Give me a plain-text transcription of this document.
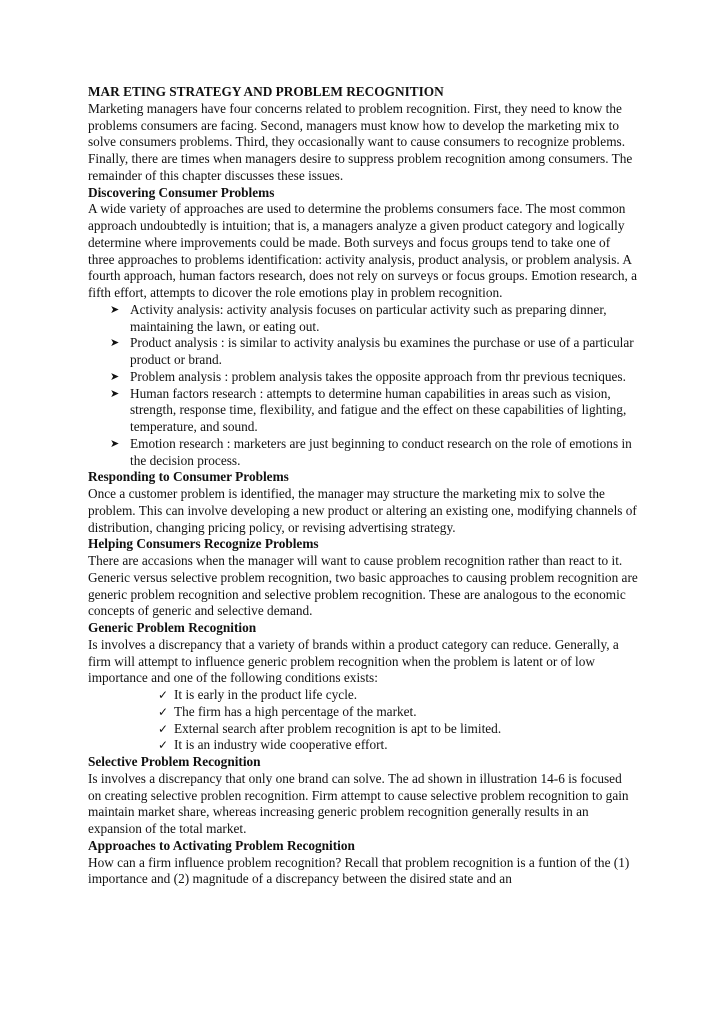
MAR ETING STRATEGY AND PROBLEM RECOGNITION

Marketing managers have four concerns related to problem recognition. First, they need to know the problems consumers are facing. Second, managers must know how to develop the marketing mix to solve consumers problems. Third, they occasionally want to cause consumers to recognize problems. Finally, there are times when managers desire to suppress problem recognition among consumers. The remainder of this chapter discusses these issues.

Discovering Consumer Problems

A wide variety of approaches are used to determine the problems consumers face. The most common approach undoubtedly is intuition; that is, a managers analyze a given product category and logically determine where improvements could be made. Both surveys and focus groups tend to take one of three approaches to problems identification: activity analysis, product analysis, or problem analysis. A fourth approach, human factors research, does not rely on surveys or focus groups. Emotion research, a fifth effort, attempts to dicover the role emotions play in problem recognition.

➤ Activity analysis: activity analysis focuses on particular activity such as preparing dinner, maintaining the lawn, or eating out.
➤ Product analysis : is similar to activity analysis bu examines the purchase or use of a particular product or brand.
➤ Problem analysis : problem analysis takes the opposite approach from thr previous tecniques.
➤ Human factors research : attempts to determine human capabilities in areas such as vision, strength, response time, flexibility, and fatigue and the effect on these capabilities of lighting, temperature, and sound.
➤ Emotion research : marketers are just beginning to conduct research on the role of emotions in the decision process.
Responding to Consumer Problems

Once a customer problem is identified, the manager may structure the marketing mix to solve the problem. This can involve developing a new product or altering an existing one, modifying channels of distribution, changing pricing policy, or revising advertising strategy.

Helping Consumers Recognize Problems

There are accasions when the manager will want to cause problem recognition rather than react to it. Generic versus selective problem recognition, two basic approaches to causing problem recognition are generic problem recognition and selective problem recognition. These are analogous to the economic concepts of generic and selective demand.

Generic Problem Recognition

Is involves a discrepancy that a variety of brands within a product category can reduce. Generally, a firm will attempt to influence generic problem recognition when the problem is latent or of low importance and one of the following conditions exists:

✓ It is early in the product life cycle.
✓ The firm has a high percentage of the market.
✓ External search after problem recognition is apt to be limited.
✓ It is an industry wide cooperative effort.
Selective Problem Recognition

Is involves a discrepancy that only one brand can solve. The ad shown in illustration 14-6 is focused on creating selective problen recognition. Firm attempt to cause selective problem recognition to gain maintain market share, whereas increasing generic problem recognition generally results in an expansion of the total market.

Approaches to Activating Problem Recognition

How can a firm influence problem recognition? Recall that problem recognition is a funtion of the (1) importance and (2) magnitude of a discrepancy between the disired state and an
